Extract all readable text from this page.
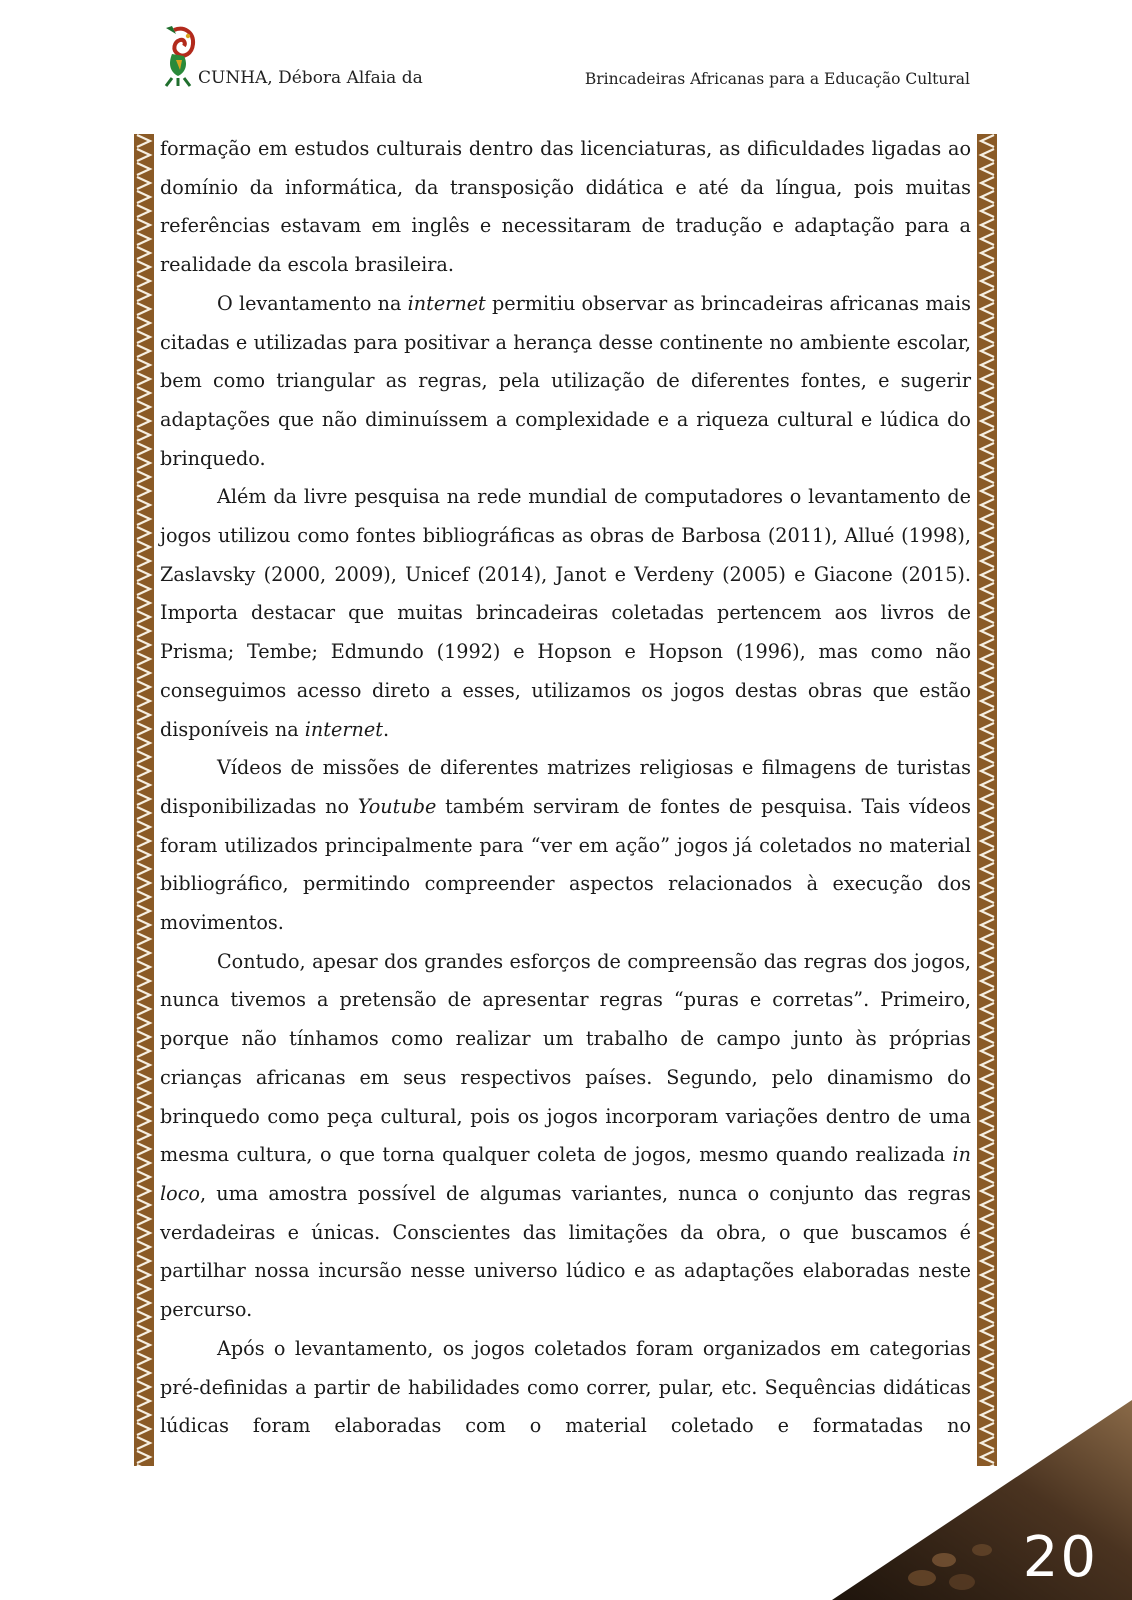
CUNHA, Débora Alfaia da	Brincadeiras Africanas para a Educação Cultural

formação em estudos culturais dentro das licenciaturas, as dificuldades ligadas ao domínio da informática, da transposição didática e até da língua, pois muitas referências estavam em inglês e necessitaram de tradução e adaptação para a realidade da escola brasileira.

O levantamento na internet permitiu observar as brincadeiras africanas mais citadas e utilizadas para positivar a herança desse continente no ambiente escolar, bem como triangular as regras, pela utilização de diferentes fontes, e sugerir adaptações que não diminuíssem a complexidade e a riqueza cultural e lúdica do brinquedo.

Além da livre pesquisa na rede mundial de computadores o levantamento de jogos utilizou como fontes bibliográficas as obras de Barbosa (2011), Allué (1998), Zaslavsky (2000, 2009), Unicef (2014), Janot e Verdeny (2005) e Giacone (2015). Importa destacar que muitas brincadeiras coletadas pertencem aos livros de Prisma; Tembe; Edmundo (1992) e Hopson e Hopson (1996), mas como não conseguimos acesso direto a esses, utilizamos os jogos destas obras que estão disponíveis na internet.

Vídeos de missões de diferentes matrizes religiosas e filmagens de turistas disponibilizadas no Youtube também serviram de fontes de pesquisa. Tais vídeos foram utilizados principalmente para “ver em ação” jogos já coletados no material bibliográfico, permitindo compreender aspectos relacionados à execução dos movimentos.

Contudo, apesar dos grandes esforços de compreensão das regras dos jogos, nunca tivemos a pretensão de apresentar regras “puras e corretas”. Primeiro, porque não tínhamos como realizar um trabalho de campo junto às próprias crianças africanas em seus respectivos países. Segundo, pelo dinamismo do brinquedo como peça cultural, pois os jogos incorporam variações dentro de uma mesma cultura, o que torna qualquer coleta de jogos, mesmo quando realizada in loco, uma amostra possível de algumas variantes, nunca o conjunto das regras verdadeiras e únicas. Conscientes das limitações da obra, o que buscamos é partilhar nossa incursão nesse universo lúdico e as adaptações elaboradas neste percurso.

Após o levantamento, os jogos coletados foram organizados em categorias pré-definidas a partir de habilidades como correr, pular, etc. Sequências didáticas lúdicas foram elaboradas com o material coletado e formatadas no

20
